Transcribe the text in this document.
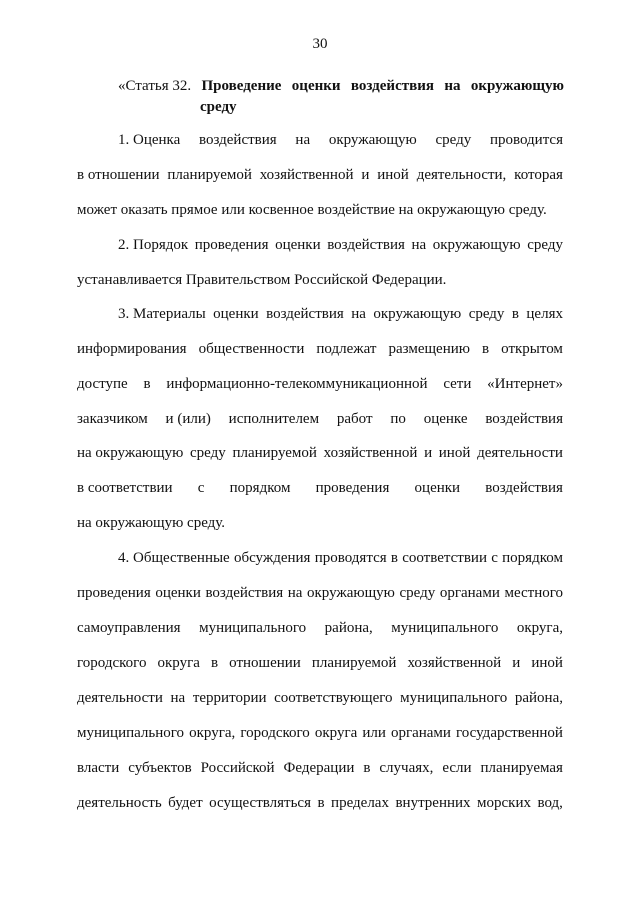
30
«Статья 32. Проведение оценки воздействия на окружающую
среду
1. Оценка воздействия на окружающую среду проводится
в отношении планируемой хозяйственной и иной деятельности, которая
может оказать прямое или косвенное воздействие на окружающую среду.
2. Порядок проведения оценки воздействия на окружающую среду
устанавливается Правительством Российской Федерации.
3. Материалы оценки воздействия на окружающую среду в целях
информирования общественности подлежат размещению в открытом
доступе в информационно-телекоммуникационной сети «Интернет»
заказчиком и (или) исполнителем работ по оценке воздействия
на окружающую среду планируемой хозяйственной и иной деятельности
в соответствии с порядком проведения оценки воздействия
на окружающую среду.
4. Общественные обсуждения проводятся в соответствии с порядком
проведения оценки воздействия на окружающую среду органами местного
самоуправления муниципального района, муниципального округа,
городского округа в отношении планируемой хозяйственной и иной
деятельности на территории соответствующего муниципального района,
муниципального округа, городского округа или органами государственной
власти субъектов Российской Федерации в случаях, если планируемая
деятельность будет осуществляться в пределах внутренних морских вод,
